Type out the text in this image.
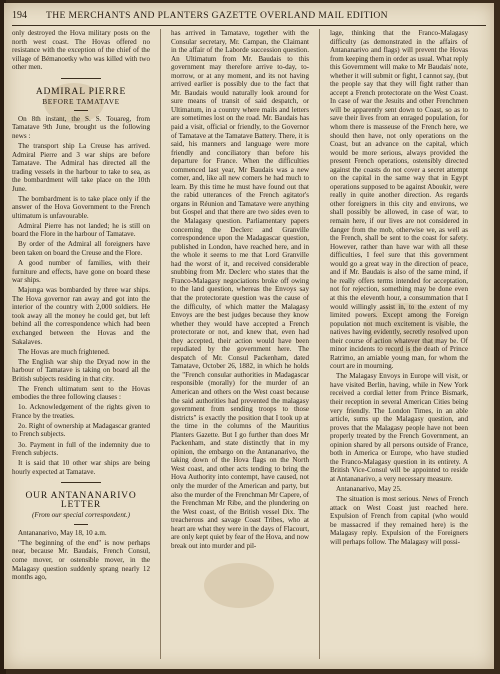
194	THE MERCHANTS AND PLANTERS GAZETTE OVERLAND MAIL EDITION

only destroyed the Hova military posts on the north west coast. The Hovas offered no resistance with the exception of the chief of the village of Bémanoetky who was killed with two other men.

ADMIRAL PIERRE
BEFORE TAMATAVE

On 8th instant, the S. S. Touareg, from Tamatave 9th June, brought us the following news :

The transport ship La Creuse has arrived. Admiral Pierre and 3 war ships are before Tamatave. The Admiral has directed all the trading vessels in the harbour to take to sea, as the bombardment will take place on the 10th June.

The bombardment is to take place only if the answer of the Hova Government to the French ultimatum is unfavourable.

Admiral Pierre has not landed; he is still on board the Flore in the harbour of Tamatave.

By order of the Admiral all foreigners have been taken on board the Creuse and the Flore.

A good number of families, with their furniture and effects, have gone on board these war ships.

Majunga was bombarded by three war ships. The Hova governor ran away and got into the interior of the country with 2,000 soldiers. He took away all the money he could get, but left behind all the correspondence which had been exchanged between the Hovas and the Sakalaves.

The Hovas are much frightened.

The English war ship the Dryad now in the harbour of Tamatave is taking on board all the British subjects residing in that city.

The French ultimatum sent to the Hovas embodies the three following clauses :

1o. Acknowledgement of the rights given to France by the treaties.

2o. Right of ownership at Madagascar granted to French subjects.

3o. Payment in full of the indemnity due to French subjects.

It is said that 10 other war ships are being hourly expected at Tamatave.

OUR ANTANANARIVO LETTER
(From our special correspondent.)

Antananarivo, May 18, 10 a.m.

"The beginning of the end" is now perhaps near, because Mr. Baudais, French Consul, come mover, or ostensible mover, in the Malagasy question suddenly sprang nearly 12 months ago,

has arrived in Tamatave, together with the Consular secretary, Mr. Campan, the Claimant in the affair of the Laborde succession question. An Ultimatum from Mr. Baudais to this government may therefore arrive to-day, to-morrow, or at any moment, and its not having arrived earlier is possibly due to the fact that Mr. Baudais would naturally look around for sure means of transit of said despatch, or Ultimatum, in a country where mails and letters are sometimes lost on the road. Mr. Baudais has paid a visit, official or friendly, to the Governor of Tamatave at the Tamatave Battery. There, it is said, his manners and language were more friendly and conciliatory than before his departure for France. When the difficulties commenced last year, Mr Baudais was a new comer, and, like all new comers he had much to learn. By this time he must have found out that the rabid utterances of the French agitator's organs in Réunion and Tamatave were anything but Gospel and that there are two sides even to the Malagasy question. Parliamentary papers concerning the Declerc and Granville correspondence upon the Madagascar question, published in London, have reached here, and in the whole it seems to me that Lord Granville had the worst of it, and received considerable snubbing from Mr. Declerc who states that the Franco-Malagasy negociations broke off owing to the land question, whereas the Envoys say that the protectorate question was the cause of the difficulty, of which matter the Malagasy Envoys are the best judges because they know whether they would have accepted a French protectorate or not, and knew that, even had they accepted, their action would have been repudiated by the government here. The despatch of Mr. Consul Packenham, dated Tamatave, October 26, 1882, in which he holds the "French consular authorities in Madagascar responsible (morally) for the murder of an American and others on the West coast because the said authorities had prevented the malagasy government from sending troops to those districts" is exactly the position that I took up at the time in the columns of the Mauritius Planters Gazette. But I go further than does Mr Packenham, and state distinctly that in my opinion, the embargo on the Antananarivo, the taking down of the Hova flags on the North West coast, and other acts tending to bring the Hova Authority into contempt, have caused, not only the murder of the American and party, but also the murder of the Frenchman Mr Capere, of the Frenchman Mr Ribe, and the plundering on the West coast, of the British vessel Dix. The treacherous and savage Coast Tribes, who at heart are what they were in the days of Flacourt, are only kept quiet by fear of the Hova, and now break out into murder and pil-

lage, thinking that the Franco-Malagasy difficulty (as demonstrated in the affairs of Antananarivo and flags) will prevent the Hovas from keeping them in order as usual. What reply this Government will make to Mr Baudais' note, whether it will submit or fight, I cannot say, (but the people say that they will fight rather than accept a French protectorate on the West Coast. In case of war the Jesuits and other Frenchmen will be apparently sent down to Coast, so as to save their lives from an enraged population, for whom there is masseuse of the French here, we should then have, not only operations on the Coast, but an advance on the capital, which would be more serious, always provided the present French operations, ostensibly directed against the coasts do not cover a secret attempt on the capital in the same way that in Egypt operations supposed to be against Aboukir, were really in quite another direction. As regards other foreigners in this city and environs, we shall possibly be allowed, in case of war, to remain here, if our lives are not considered in danger from the mob, otherwise we, as well as the French, shall be sent to the coast for safety. However, rather than have war with all these difficulties, I feel sure that this government would go a great way in the direction of peace, and if Mr. Baudais is also of the same mind, if he really offers terms intended for acceptation, not for rejection, something may be done even at this the eleventh hour, a consummation that I would willingly assist in, to the extent of my limited powers. Except among the Foreign population not much excitement is visible, the natives having evidently, secretly resolved upon their course of action whatever that may be. Of minor incidents to record is the death of Prince Ratrimo, an amiable young man, for whom the court are in mourning.

The Malagasy Envoys in Europe will visit, or have visited Berlin, having, while in New York received a cordial letter from Prince Bismark, their reception in several American Cities being very friendly. The London Times, in an able article, sums up the Malagasy question, and proves that the Malagasy people have not been properly treated by the French Government, an opinion shared by all persons outside of France, both in America or Europe, who have studied the Franco-Malagasy question in its entirety. A British Vice-Consul will be appointed to reside at Antananarivo, a very necessary measure.

Antananarivo, May 25.

The situation is most serious. News of French attack on West Coast just reached here. Expulsion of French from capital (who would be massacred if they remained here) is the Malagasy reply. Expulsion of the Foreigners will perhaps follow. The Malagasy will possi-
